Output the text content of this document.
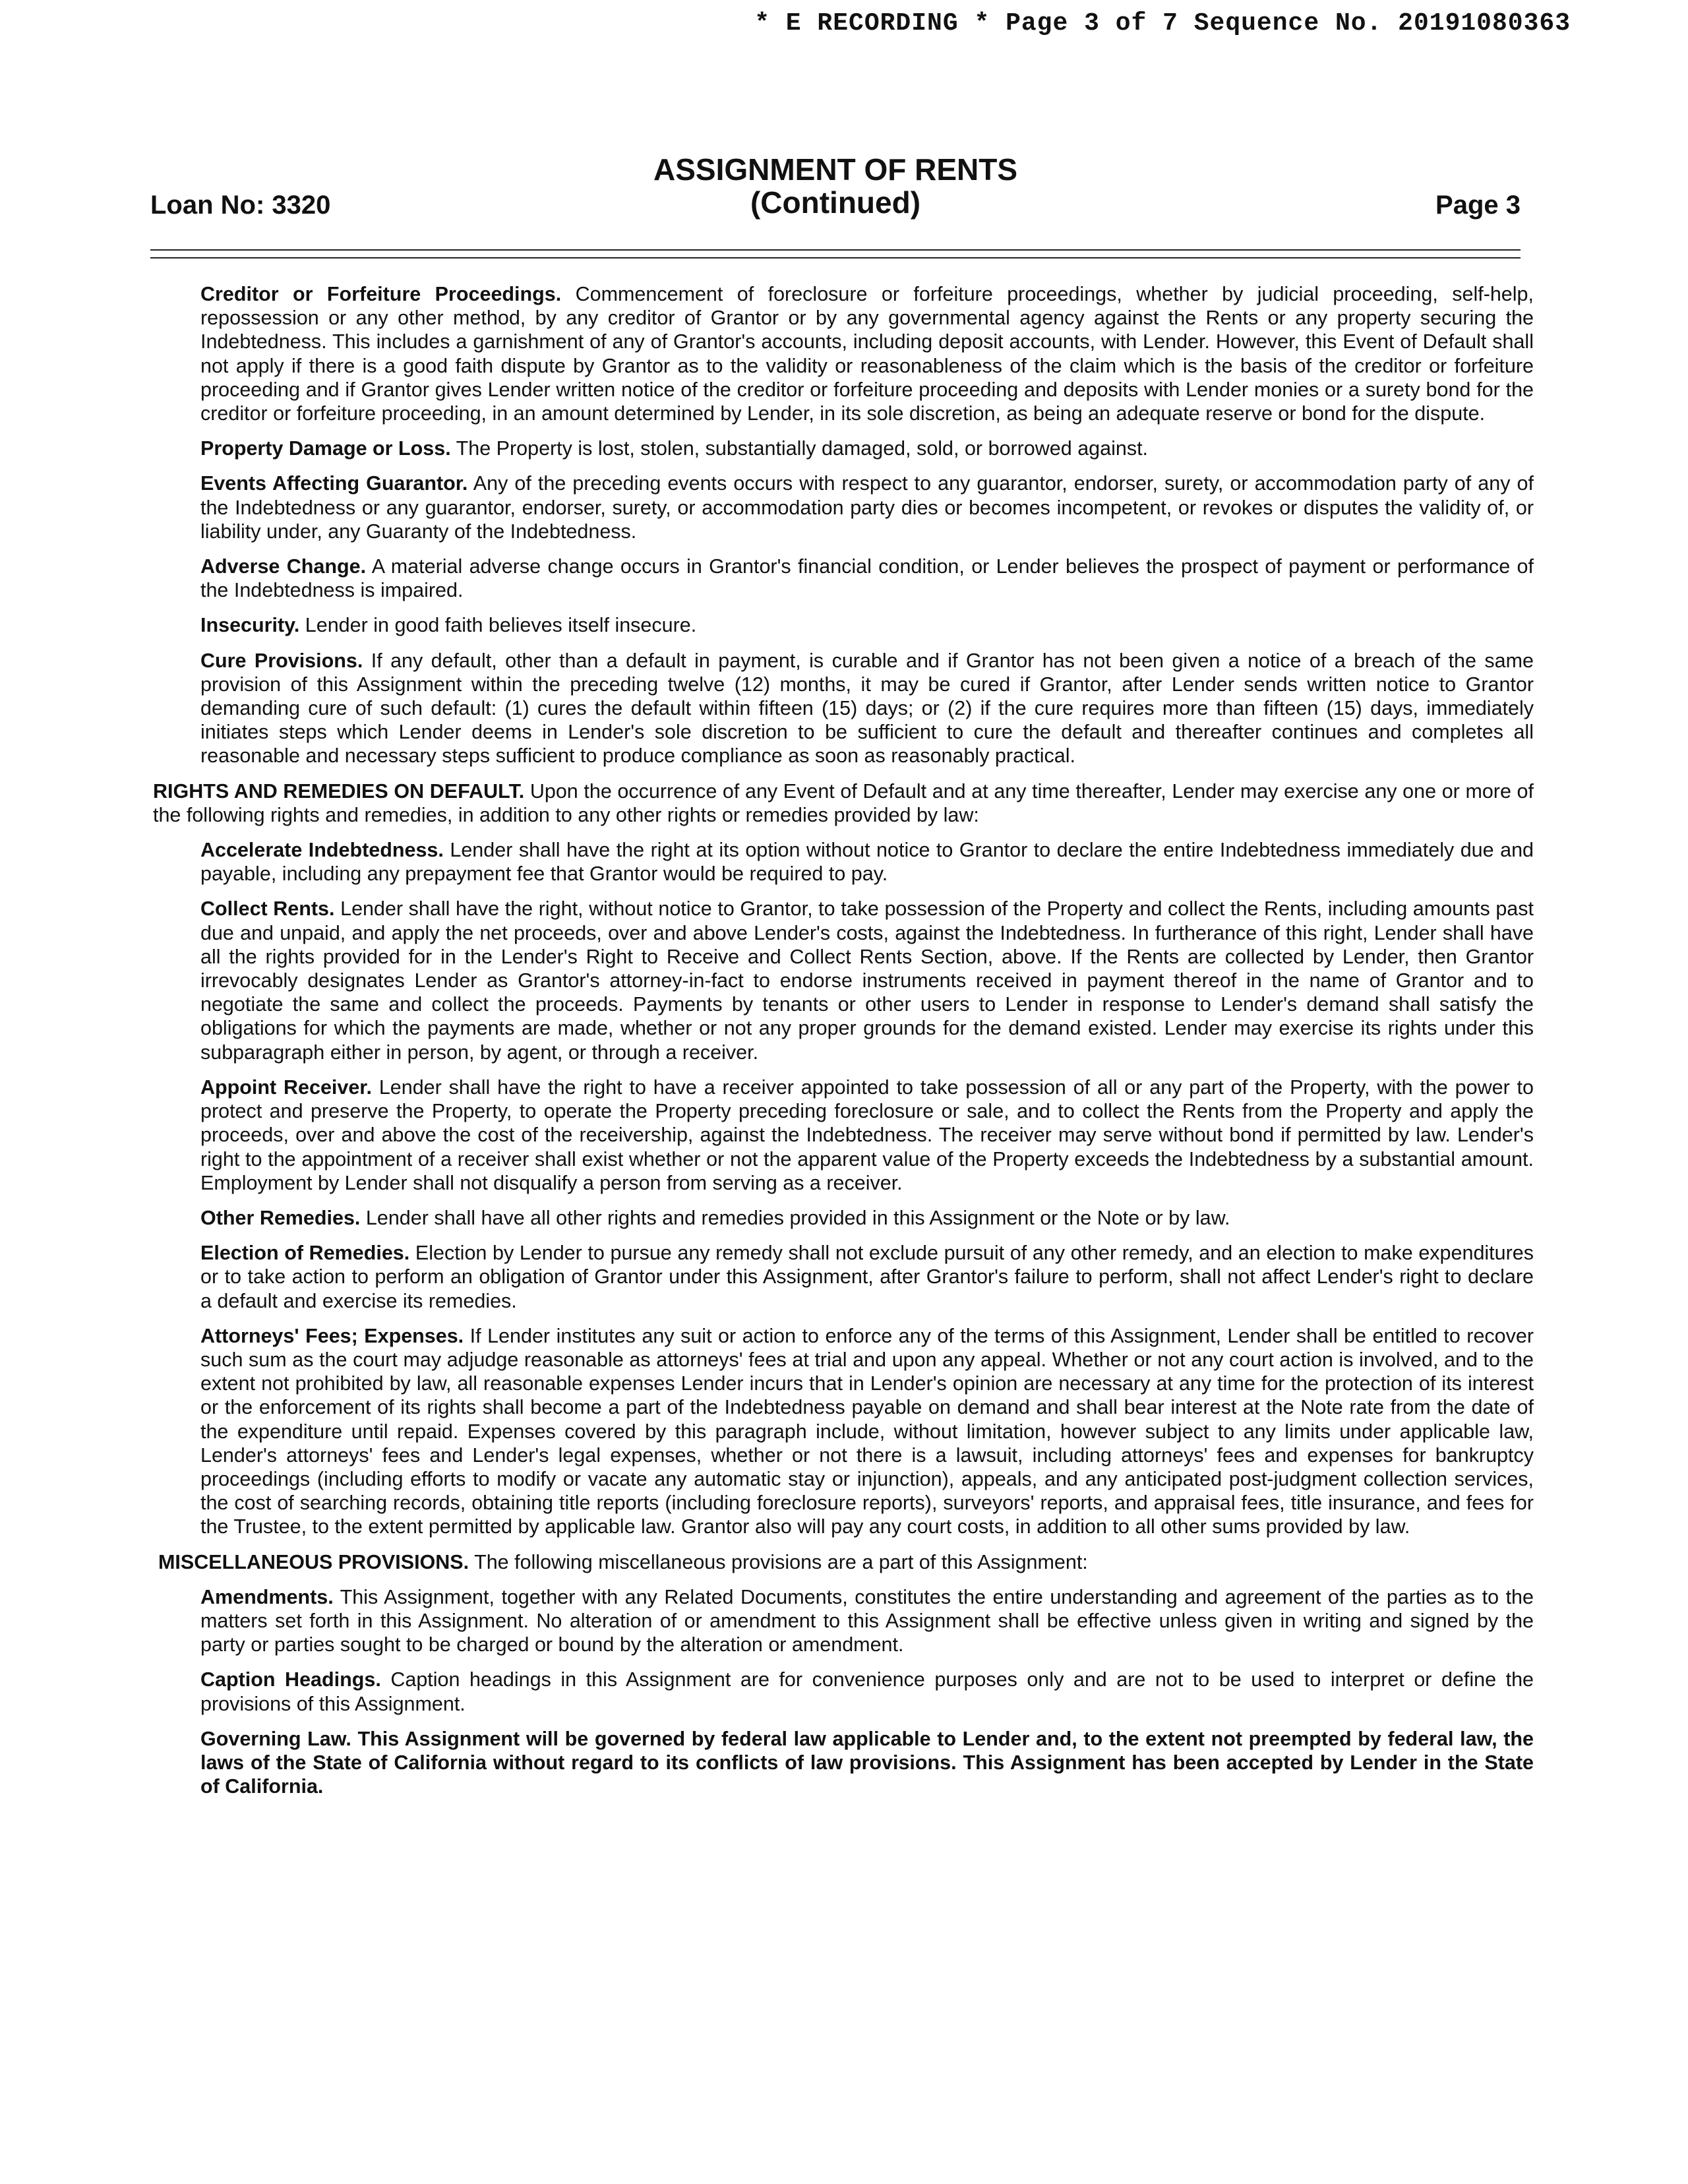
* E RECORDING * Page 3 of 7 Sequence No. 20191080363
ASSIGNMENT OF RENTS
(Continued)
Loan No: 3320	Page 3

Creditor or Forfeiture Proceedings. Commencement of foreclosure or forfeiture proceedings, whether by judicial proceeding, self-help, repossession or any other method, by any creditor of Grantor or by any governmental agency against the Rents or any property securing the Indebtedness. This includes a garnishment of any of Grantor's accounts, including deposit accounts, with Lender. However, this Event of Default shall not apply if there is a good faith dispute by Grantor as to the validity or reasonableness of the claim which is the basis of the creditor or forfeiture proceeding and if Grantor gives Lender written notice of the creditor or forfeiture proceeding and deposits with Lender monies or a surety bond for the creditor or forfeiture proceeding, in an amount determined by Lender, in its sole discretion, as being an adequate reserve or bond for the dispute.

Property Damage or Loss. The Property is lost, stolen, substantially damaged, sold, or borrowed against.

Events Affecting Guarantor. Any of the preceding events occurs with respect to any guarantor, endorser, surety, or accommodation party of any of the Indebtedness or any guarantor, endorser, surety, or accommodation party dies or becomes incompetent, or revokes or disputes the validity of, or liability under, any Guaranty of the Indebtedness.

Adverse Change. A material adverse change occurs in Grantor's financial condition, or Lender believes the prospect of payment or performance of the Indebtedness is impaired.

Insecurity. Lender in good faith believes itself insecure.

Cure Provisions. If any default, other than a default in payment, is curable and if Grantor has not been given a notice of a breach of the same provision of this Assignment within the preceding twelve (12) months, it may be cured if Grantor, after Lender sends written notice to Grantor demanding cure of such default: (1) cures the default within fifteen (15) days; or (2) if the cure requires more than fifteen (15) days, immediately initiates steps which Lender deems in Lender's sole discretion to be sufficient to cure the default and thereafter continues and completes all reasonable and necessary steps sufficient to produce compliance as soon as reasonably practical.

RIGHTS AND REMEDIES ON DEFAULT. Upon the occurrence of any Event of Default and at any time thereafter, Lender may exercise any one or more of the following rights and remedies, in addition to any other rights or remedies provided by law:

Accelerate Indebtedness. Lender shall have the right at its option without notice to Grantor to declare the entire Indebtedness immediately due and payable, including any prepayment fee that Grantor would be required to pay.

Collect Rents. Lender shall have the right, without notice to Grantor, to take possession of the Property and collect the Rents, including amounts past due and unpaid, and apply the net proceeds, over and above Lender's costs, against the Indebtedness. In furtherance of this right, Lender shall have all the rights provided for in the Lender's Right to Receive and Collect Rents Section, above. If the Rents are collected by Lender, then Grantor irrevocably designates Lender as Grantor's attorney-in-fact to endorse instruments received in payment thereof in the name of Grantor and to negotiate the same and collect the proceeds. Payments by tenants or other users to Lender in response to Lender's demand shall satisfy the obligations for which the payments are made, whether or not any proper grounds for the demand existed. Lender may exercise its rights under this subparagraph either in person, by agent, or through a receiver.

Appoint Receiver. Lender shall have the right to have a receiver appointed to take possession of all or any part of the Property, with the power to protect and preserve the Property, to operate the Property preceding foreclosure or sale, and to collect the Rents from the Property and apply the proceeds, over and above the cost of the receivership, against the Indebtedness. The receiver may serve without bond if permitted by law. Lender's right to the appointment of a receiver shall exist whether or not the apparent value of the Property exceeds the Indebtedness by a substantial amount. Employment by Lender shall not disqualify a person from serving as a receiver.

Other Remedies. Lender shall have all other rights and remedies provided in this Assignment or the Note or by law.

Election of Remedies. Election by Lender to pursue any remedy shall not exclude pursuit of any other remedy, and an election to make expenditures or to take action to perform an obligation of Grantor under this Assignment, after Grantor's failure to perform, shall not affect Lender's right to declare a default and exercise its remedies.

Attorneys' Fees; Expenses. If Lender institutes any suit or action to enforce any of the terms of this Assignment, Lender shall be entitled to recover such sum as the court may adjudge reasonable as attorneys' fees at trial and upon any appeal. Whether or not any court action is involved, and to the extent not prohibited by law, all reasonable expenses Lender incurs that in Lender's opinion are necessary at any time for the protection of its interest or the enforcement of its rights shall become a part of the Indebtedness payable on demand and shall bear interest at the Note rate from the date of the expenditure until repaid. Expenses covered by this paragraph include, without limitation, however subject to any limits under applicable law, Lender's attorneys' fees and Lender's legal expenses, whether or not there is a lawsuit, including attorneys' fees and expenses for bankruptcy proceedings (including efforts to modify or vacate any automatic stay or injunction), appeals, and any anticipated post-judgment collection services, the cost of searching records, obtaining title reports (including foreclosure reports), surveyors' reports, and appraisal fees, title insurance, and fees for the Trustee, to the extent permitted by applicable law. Grantor also will pay any court costs, in addition to all other sums provided by law.

MISCELLANEOUS PROVISIONS. The following miscellaneous provisions are a part of this Assignment:

Amendments. This Assignment, together with any Related Documents, constitutes the entire understanding and agreement of the parties as to the matters set forth in this Assignment. No alteration of or amendment to this Assignment shall be effective unless given in writing and signed by the party or parties sought to be charged or bound by the alteration or amendment.

Caption Headings. Caption headings in this Assignment are for convenience purposes only and are not to be used to interpret or define the provisions of this Assignment.

Governing Law. This Assignment will be governed by federal law applicable to Lender and, to the extent not preempted by federal law, the laws of the State of California without regard to its conflicts of law provisions. This Assignment has been accepted by Lender in the State of California.
